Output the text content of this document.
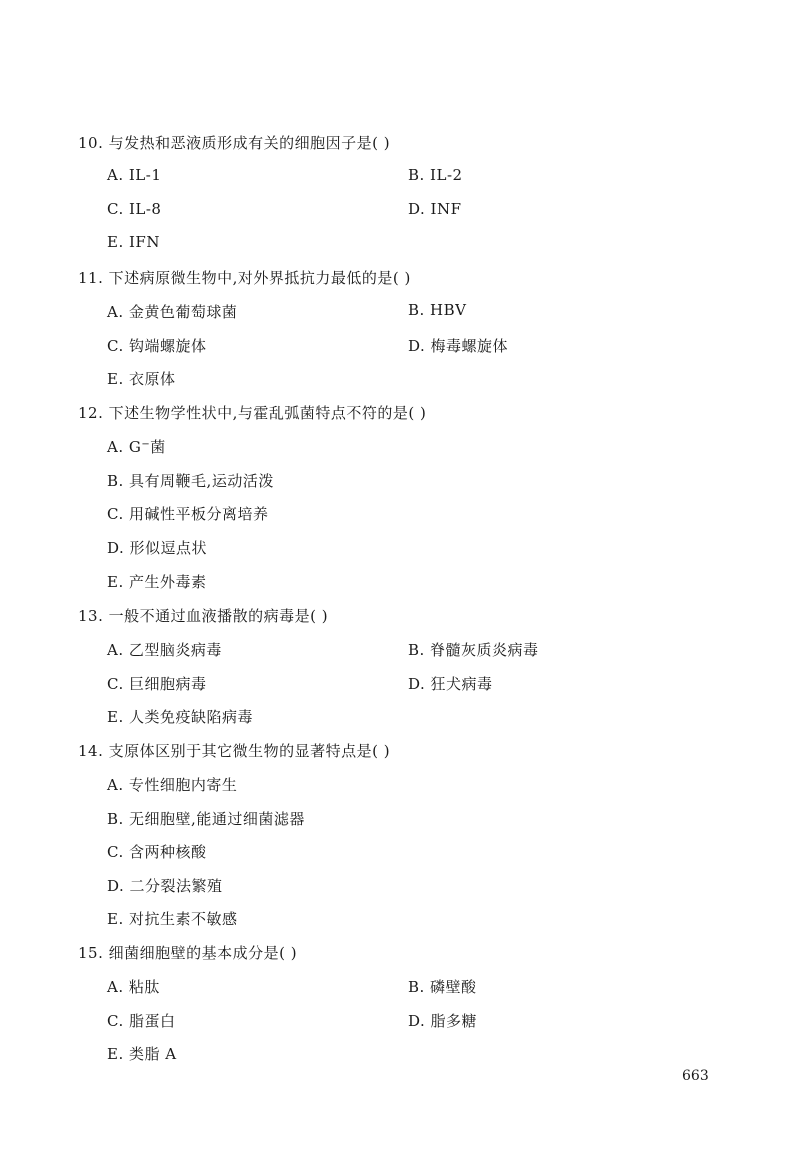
10. 与发热和恶液质形成有关的细胞因子是( )
A. IL-1	B. IL-2
C. IL-8	D. INF
E. IFN
11. 下述病原微生物中,对外界抵抗力最低的是( )
A. 金黄色葡萄球菌	B. HBV
C. 钩端螺旋体	D. 梅毒螺旋体
E. 衣原体
12. 下述生物学性状中,与霍乱弧菌特点不符的是( )
A. G−菌
B. 具有周鞭毛,运动活泼
C. 用碱性平板分离培养
D. 形似逗点状
E. 产生外毒素
13. 一般不通过血液播散的病毒是( )
A. 乙型脑炎病毒	B. 脊髓灰质炎病毒
C. 巨细胞病毒	D. 狂犬病毒
E. 人类免疫缺陷病毒
14. 支原体区别于其它微生物的显著特点是( )
A. 专性细胞内寄生
B. 无细胞壁,能通过细菌滤器
C. 含两种核酸
D. 二分裂法繁殖
E. 对抗生素不敏感
15. 细菌细胞壁的基本成分是( )
A. 粘肽	B. 磷壁酸
C. 脂蛋白	D. 脂多糖
E. 类脂 A
663
